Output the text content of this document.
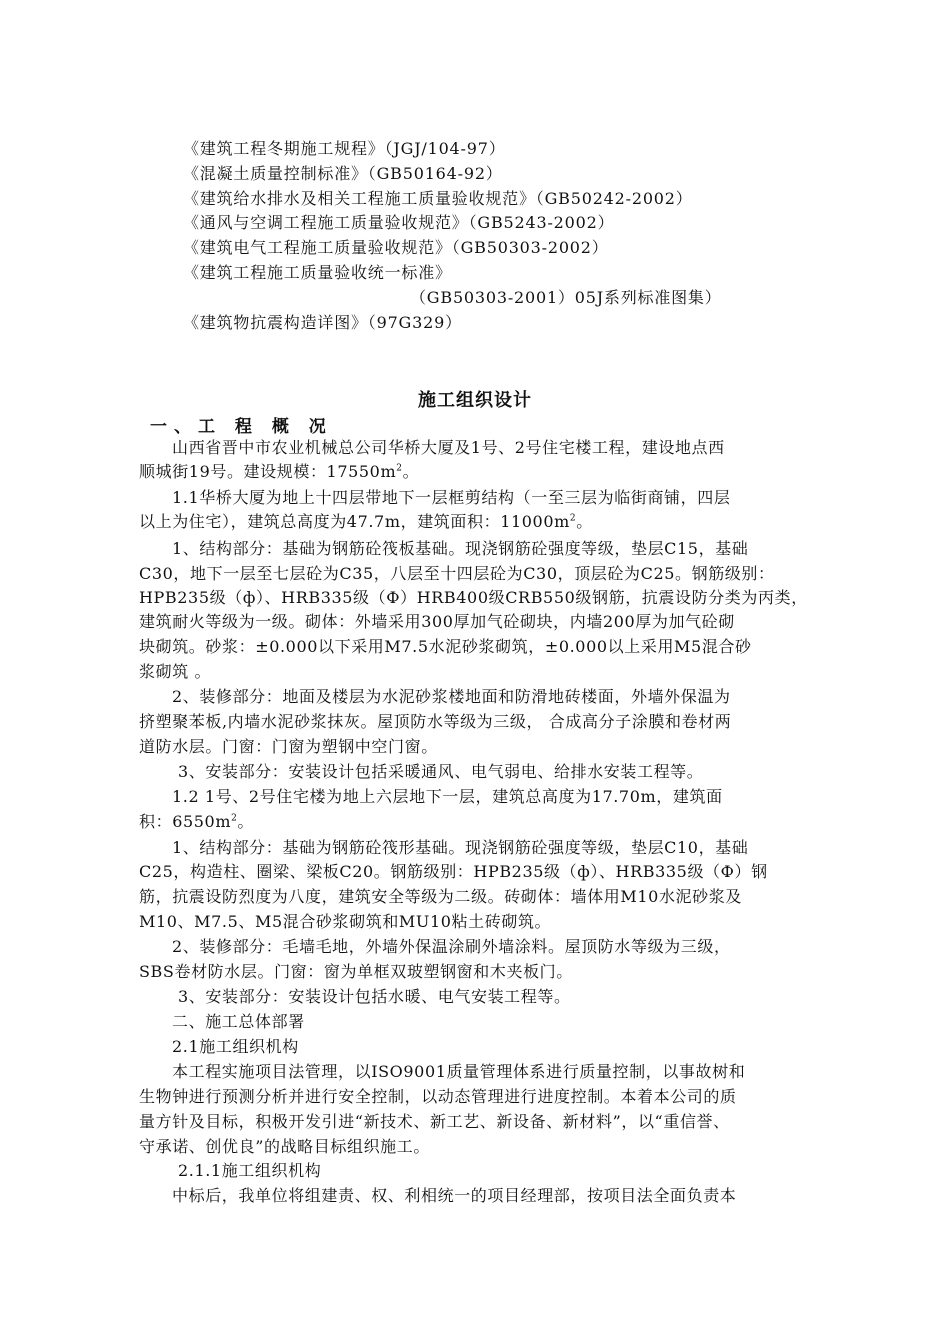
《建筑工程冬期施工规程》（JGJ/104-97）
《混凝土质量控制标准》（GB50164-92）
《建筑给水排水及相关工程施工质量验收规范》（GB50242-2002）
《通风与空调工程施工质量验收规范》（GB5243-2002）
《建筑电气工程施工质量验收规范》（GB50303-2002）
《建筑工程施工质量验收统一标准》
（GB50303-2001）05J系列标准图集）
《建筑物抗震构造详图》（97G329）
施工组织设计
一、工 程 概 况
山西省晋中市农业机械总公司华桥大厦及1号、2号住宅楼工程，建设地点西
顺城街19号。建设规模：$17550m^2$。
1.1华桥大厦为地上十四层带地下一层框剪结构（一至三层为临街商铺，四层
以上为住宅），建筑总高度为47.7m，建筑面积：$11000m^2$。
1、结构部分：基础为钢筋砼筏板基础。现浇钢筋砼强度等级，垫层C15，基础
C30，地下一层至七层砼为C35，八层至十四层砼为C30，顶层砼为C25。钢筋级别：
HPB235级（ф）、HRB335级（Ф）HRB400级CRB550级钢筋，抗震设防分类为丙类，
建筑耐火等级为一级。砌体：外墙采用300厚加气砼砌块，内墙200厚为加气砼砌
块砌筑。砂浆：±0.000以下采用M7.5水泥砂浆砌筑，±0.000以上采用M5混合砂
浆砌筑 。
2、装修部分：地面及楼层为水泥砂浆楼地面和防滑地砖楼面，外墙外保温为
挤塑聚苯板,内墙水泥砂浆抹灰。屋顶防水等级为三级， 合成高分子涂膜和卷材两
道防水层。门窗：门窗为塑钢中空门窗。
3、安装部分：安装设计包括采暖通风、电气弱电、给排水安装工程等。
1.2 1号、2号住宅楼为地上六层地下一层，建筑总高度为17.70m，建筑面
积：$6550m^2$。
1、结构部分：基础为钢筋砼筏形基础。现浇钢筋砼强度等级，垫层C10，基础
C25，构造柱、圈梁、梁板C20。钢筋级别：HPB235级（ф）、HRB335级（Ф）钢
筋，抗震设防烈度为八度，建筑安全等级为二级。砖砌体：墙体用M10水泥砂浆及
M10、M7.5、M5混合砂浆砌筑和MU10粘土砖砌筑。
2、装修部分：毛墙毛地，外墙外保温涂刷外墙涂料。屋顶防水等级为三级，
SBS卷材防水层。门窗：窗为单框双玻塑钢窗和木夹板门。
3、安装部分：安装设计包括水暖、电气安装工程等。
二、施工总体部署
2.1施工组织机构
本工程实施项目法管理，以ISO9001质量管理体系进行质量控制，以事故树和
生物钟进行预测分析并进行安全控制，以动态管理进行进度控制。本着本公司的质
量方针及目标，积极开发引进“新技术、新工艺、新设备、新材料”，以“重信誉、
守承诺、创优良”的战略目标组织施工。
2.1.1施工组织机构
中标后，我单位将组建责、权、利相统一的项目经理部，按项目法全面负责本
